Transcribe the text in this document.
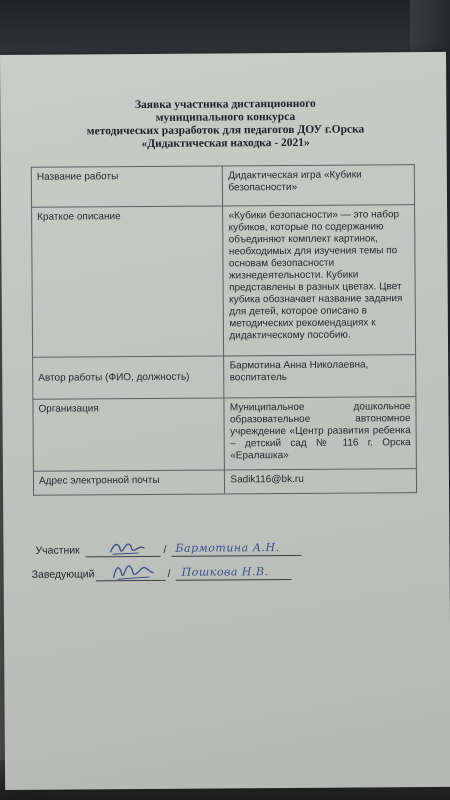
Заявка участника дистанционного
муниципального конкурса
методических разработок для педагогов ДОУ г.Орска
«Дидактическая находка - 2021»
Название работы	Дидактическая игра «Кубики безопасности»
Краткое описание	«Кубики безопасности» — это набор кубиков, которые по содержанию объединяют комплект картинок, необходимых для изучения темы по основам безопасности жизнедеятельности. Кубики представлены в разных цветах. Цвет кубика обозначает название задания для детей, которое описано в методических рекомендациях к дидактическому пособию.
Автор работы (ФИО, должность)	Бармотина Анна Николаевна, воспитатель
Организация	Муниципальное дошкольное образовательное автономное учреждение «Центр развития ребенка – детский сад № 116 г. Орска «Ералашка»
Адрес электронной почты	Sadik116@bk.ru
Участник	/ Бармотина А.Н.
Заведующий	/ Пошкова Н.В.
